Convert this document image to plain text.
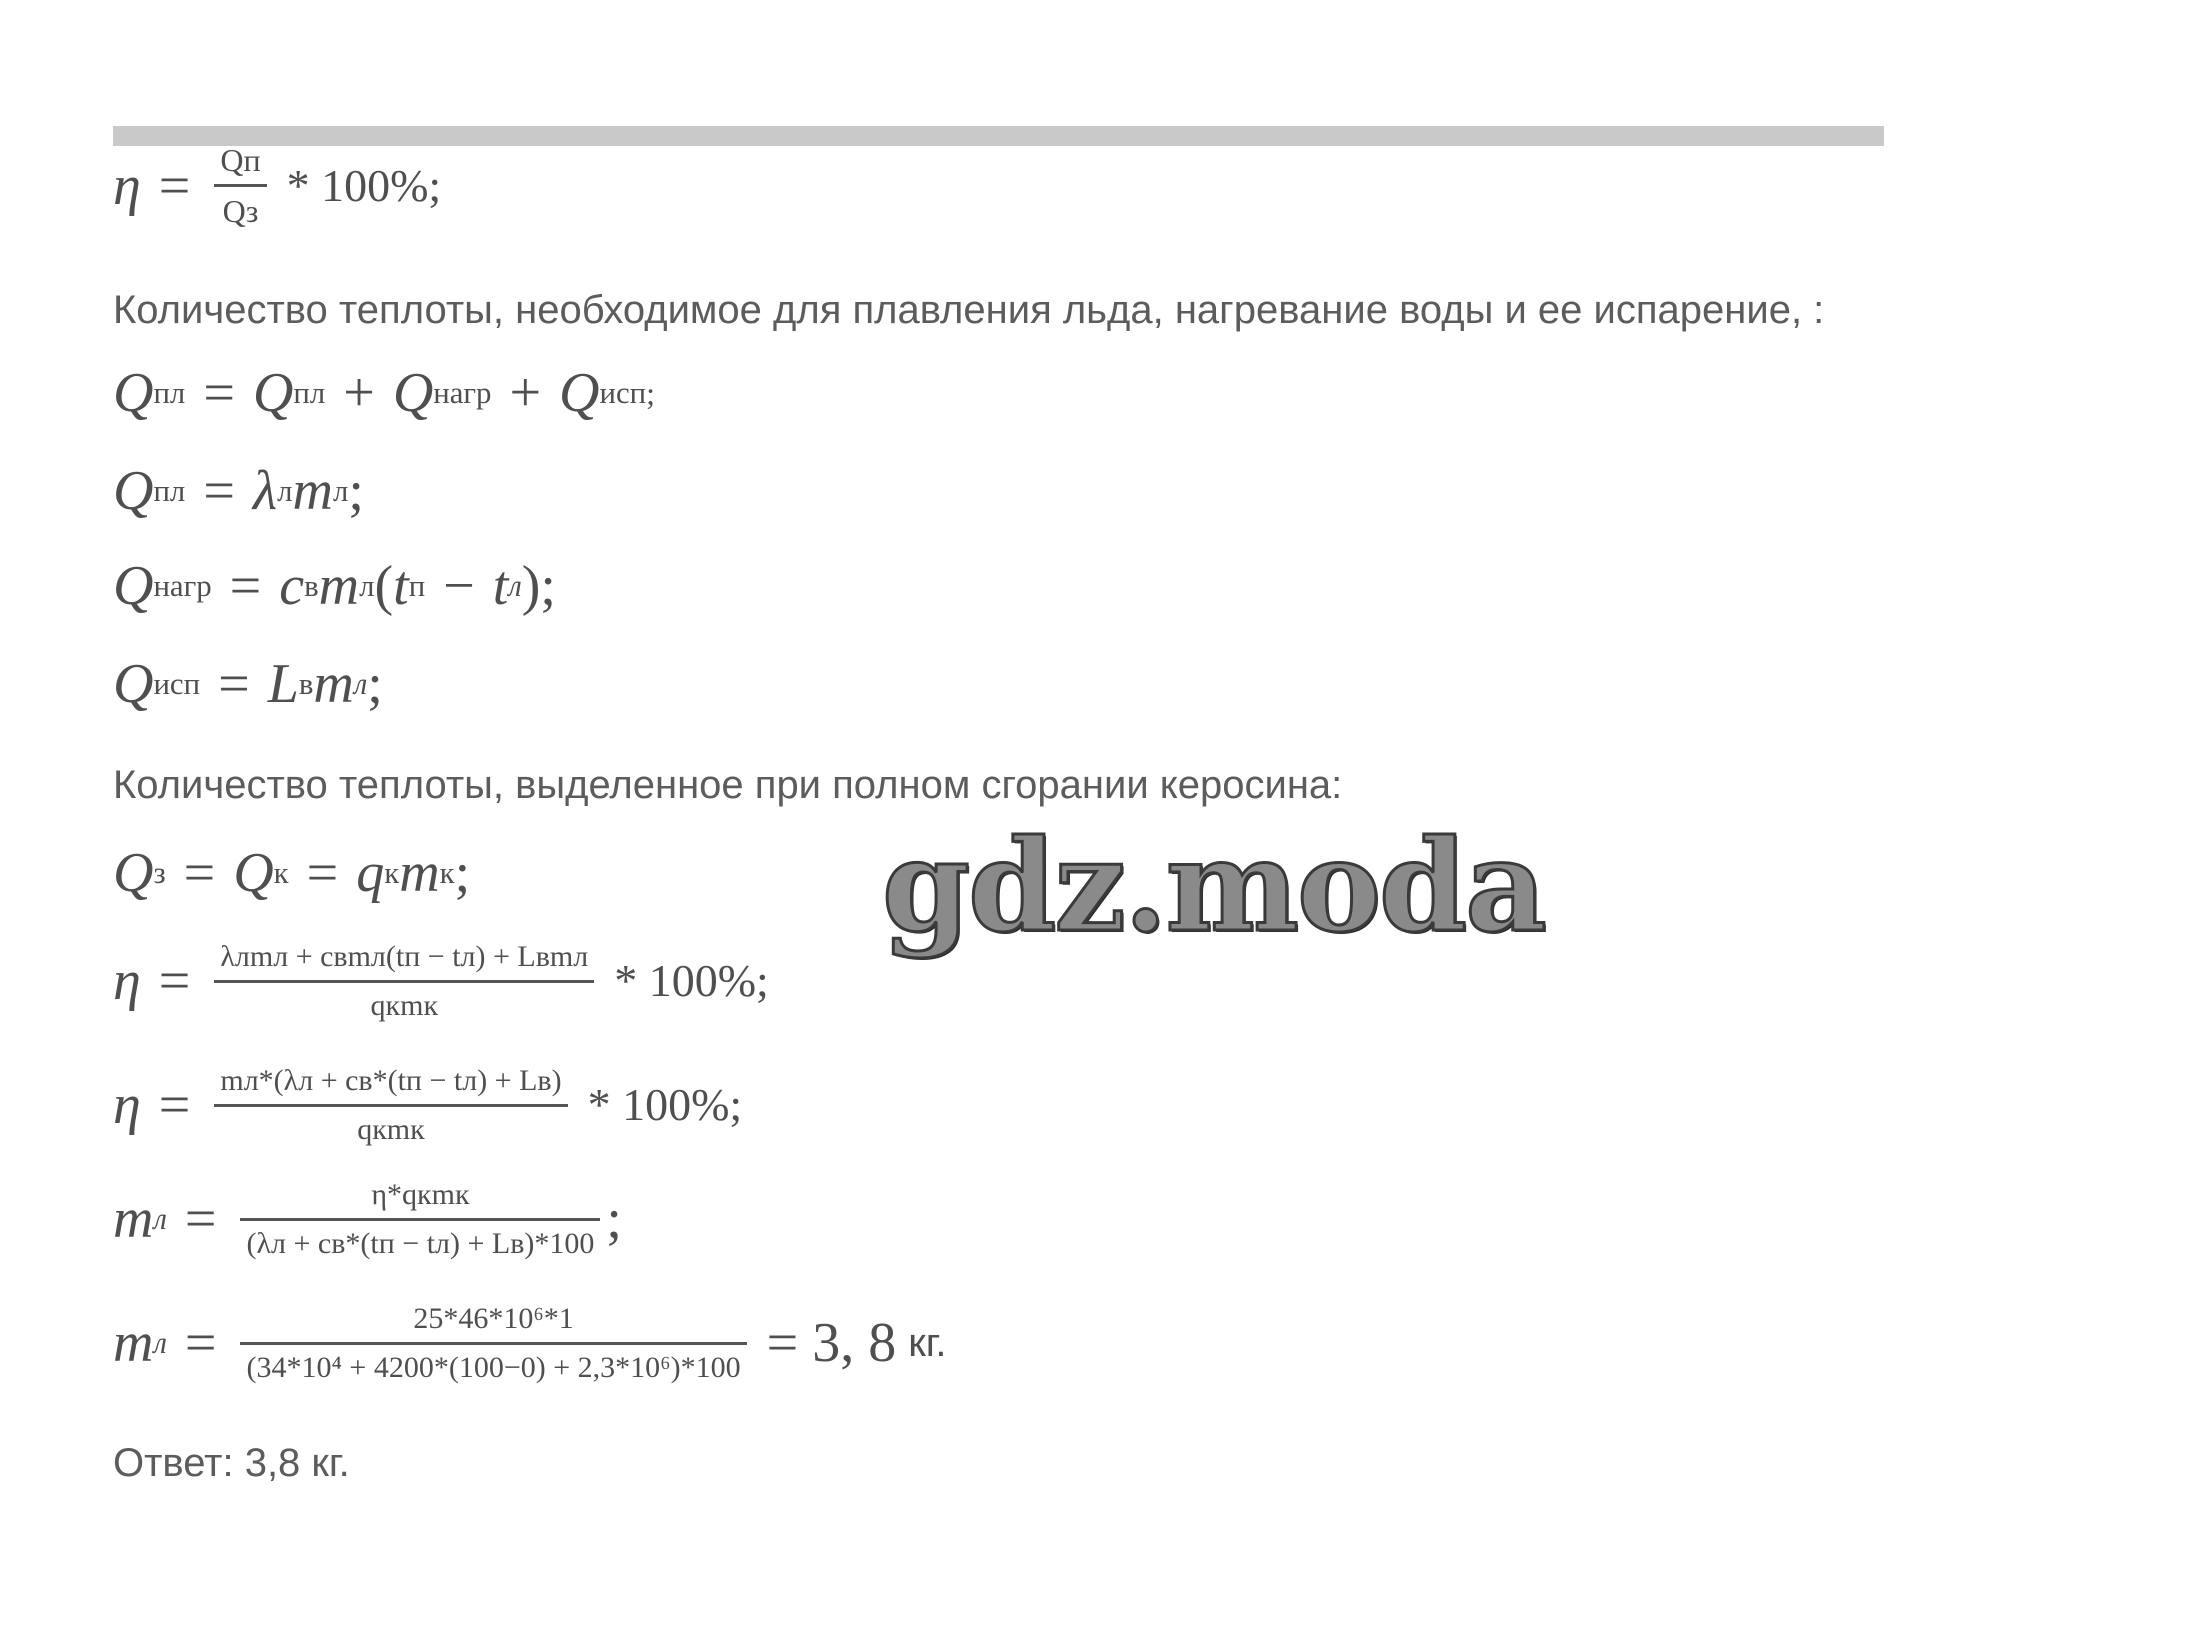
$\eta = \frac{Qп}{Qз} * 100\%$;
Количество теплоты, необходимое для плавления льда, нагревание воды и ее испарение, :
Q пл = Q пл + Q нагр + Q исп ;
Q пл = λ л m л ;
Q нагр = c в m л ( t п − t л ) ;
Q исп = L в m л ;
Количество теплоты, выделенное при полном сгорании керосина:
Q з = Q к = q к m к ;
$\eta = \frac{\text{λлmл + cвmл(tп − tл) + Lвmл}}{\text{qкmк}} * 100\%$;
$\eta = \frac{mл*(\lambda л + cв*(tп - tл) + Lв)}{\text{qкmк}} * 100\%$;
m $л = \frac{\text{η*qкmк}}{(\lambda л + cв*(tп - tл) + Lв)*100}$ ;
m $л = \frac{\text{25*46*10⁶*1}}{\text{(34*10⁴ + 4200*(100−0) + 2,3*10⁶)*100}} = 3$, 8 кг.
Ответ: 3,8 кг.
gdz.moda
